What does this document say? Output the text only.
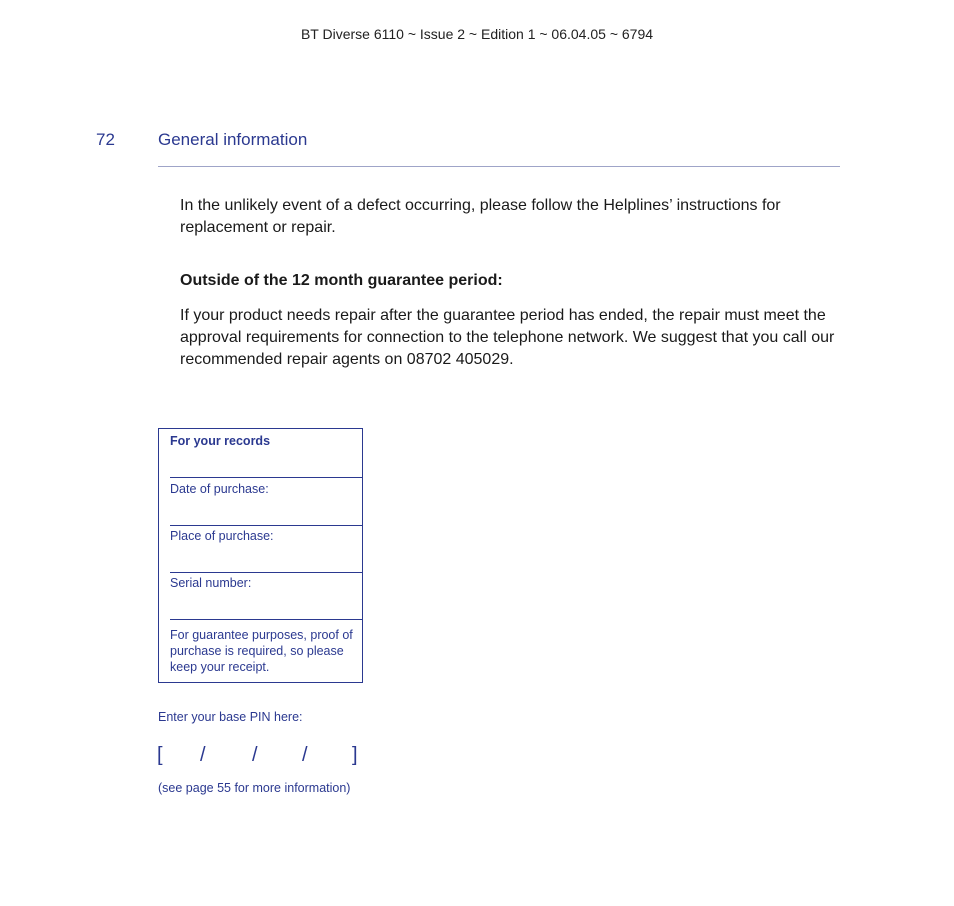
BT Diverse 6110 ~ Issue 2 ~ Edition 1 ~ 06.04.05 ~ 6794
72	General information
In the unlikely event of a defect occurring, please follow the Helplines’ instructions for replacement or repair.
Outside of the 12 month guarantee period:
If your product needs repair after the guarantee period has ended, the repair must meet the approval requirements for connection to the telephone network. We suggest that you call our recommended repair agents on 08702 405029.
For your records
Date of purchase:
Place of purchase:
Serial number:
For guarantee purposes, proof of purchase is required, so please keep your receipt.
Enter your base PIN here:
[ / / / ]
(see page 55 for more information)
